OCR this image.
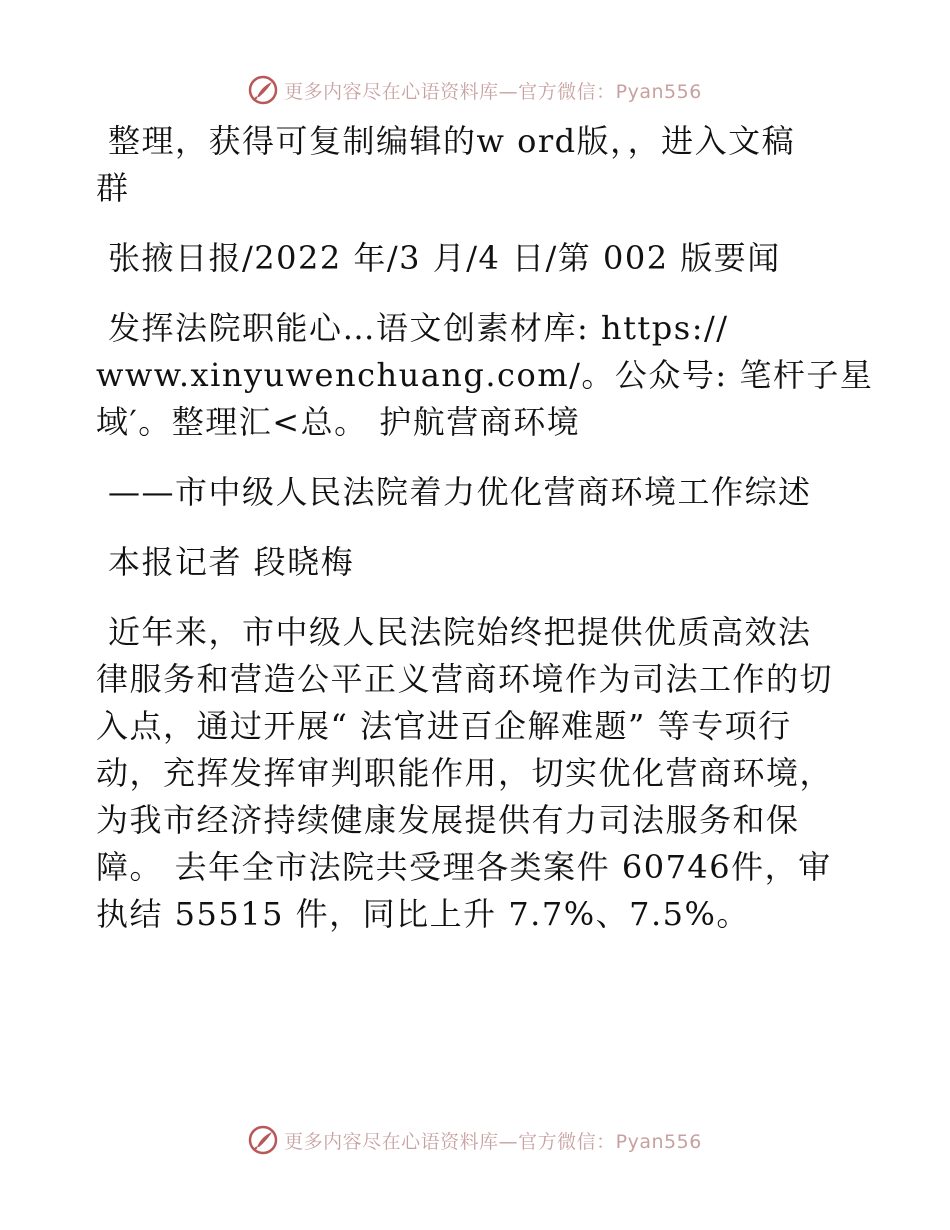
更多内容尽在心语资料库—官方微信：Pyan556
整理，获得可复制编辑的w ord版，，进入文稿
群
张掖日报/2022 年/3 月/4 日/第 002 版要闻
发挥法院职能心…语文创素材库: https://
www.xinyuwenchuang.com/。公众号: 笔杆子星
域′。整理汇<总。 护航营商环境
——市中级人民法院着力优化营商环境工作综述
本报记者 段晓梅
近年来，市中级人民法院始终把提供优质高效法
律服务和营造公平正义营商环境作为司法工作的切
入点，通过开展“ 法官进百企解难题” 等专项行
动，充挥发挥审判职能作用，切实优化营商环境，
为我市经济持续健康发展提供有力司法服务和保
障。 去年全市法院共受理各类案件 60746件，审
执结 55515 件，同比上升 7.7%、7.5%。
更多内容尽在心语资料库—官方微信：Pyan556
